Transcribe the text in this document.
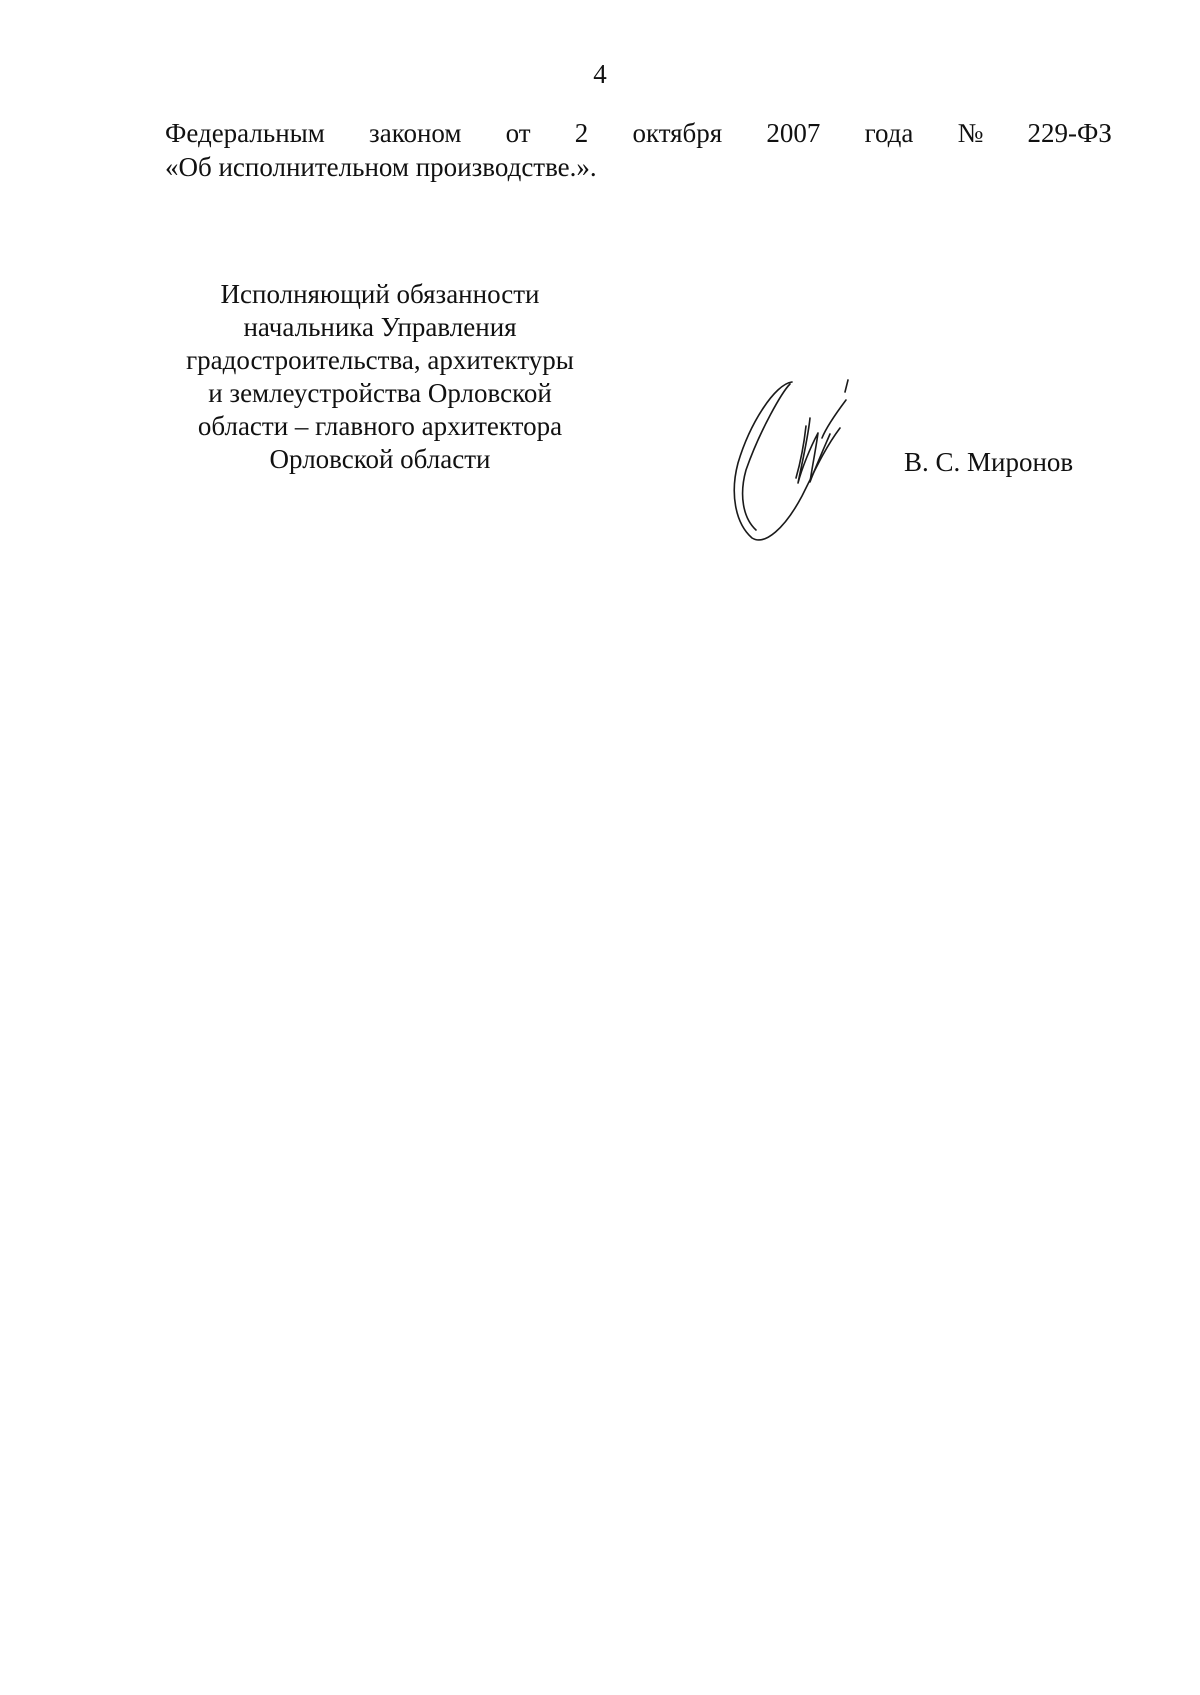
4
Федеральным законом от 2 октября 2007 года № 229-ФЗ
«Об исполнительном производстве.».
Исполняющий обязанности
начальника Управления
градостроительства, архитектуры
и землеустройства Орловской
области – главного архитектора
Орловской области	В. С. Миронов
